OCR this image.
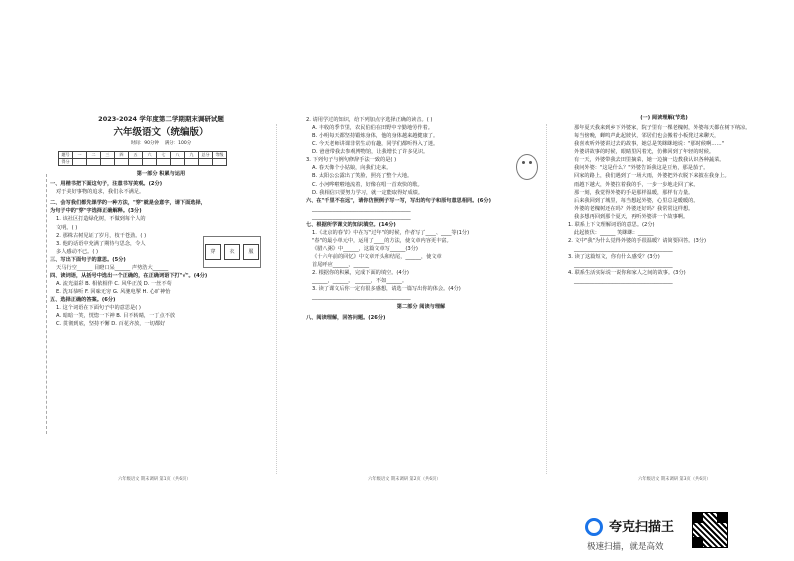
2023-2024 学年度第二学期期末调研试题
六年级语文（统编版）
时间：90分钟 满分：100分
题号	一	二	三	四	五	六	七	八	九	总分	等级
得分											
第一部分 积累与运用
一、用楷书把下面这句子，注意书写美观。(2分)
对于美好事物的追求，我们永不满足。
二、会写我们都先课学的一种方法，"穿"就是会意字，请下面选择，
为句子中的"穿"字选择正确解释。(3分)
1. 该社区打造绿化树，不做到每个人的
文明。( )
2. 那株古树见证了岁月，枝干苍劲。( )
3. 他的话语中充满了期待与思念，令人
多人感动不已。( )
三、写出下面句子的意思。(5分)
天马行空______ 目瞪口呆______ 声势浩大______
四、读词语，从括号中选出一个正确的，在正确词语下打"√"。(4分)
A. 流光溢彩 B. 相依相伴 C. 风华正茂 D. 一丝不苟
E. 洗耳恭听 F. 回味无穷 G. 风驰电掣 H. 心旷神怡
五、选择正确的答案。(6分)
1. 这个词语在下面句子中的意思是( )
A. 暗暗一笑，恍惚一下神 B. 目不转睛，一丁点不放
C. 贯彻到底，坚持不懈 D. 百花齐放，一切都好
穿	衣	服
2. 请用学过的知识，给下列加点字选择正确的读音。( )
A. 丰收的季节里，农民伯伯在田野中辛勤地劳作着。
B. 小明每天都坚持锻炼身体，他的身体越来越健康了。
C. 今天老师讲课非常生动有趣，同学们都听得入了迷。
D. 爸爸带我去参观博物馆，让我增长了许多见识。
3. 下列句子与例句修辞手法一致的是( )
A. 春天像个小姑娘，向我们走来。
B. 太阳公公露出了笑脸，照亮了整个大地。
C. 小河哗啦啦地流着，好像在唱一首欢快的歌。
D. 我相信只要努力学习，就一定能取得好成绩。
六、在"千里不在远"，请你仿照例子写一写，写出的句子和原句意思相同。(6分)
______________________________________
______________________________________
七、根据所学课文的知识填空。(14分)
1.《北京的春节》中在写"过年"的时候，作者写了____、____等(1分)
"春"的最小单元中，运用了____的方法，使文章内容更丰富。
《腊八粥》中______，这篇文章写______(3分)
《十六年前的回忆》中文章开头和结尾，______，使文章
首尾呼应______，______
2. 根据你的积累，完成下面的填空。(4分)
______，______。 ______，不如______。
3. 读了课文后你一定有很多感想，请选一篇写出你的体会。(4分)
______________________________________
第二部分 阅读与理解
八、阅读理解，回答问题。(26分)
(一) 阅读理解(节选)
那年夏天我来到乡下外婆家，院子里有一棵老槐树，外婆每天都在树下纳凉。
每当傍晚，蝉鸣声此起彼伏，邻居们也会搬着小板凳过来聊天，
我喜欢听外婆讲过去的故事，她总是笑眯眯地说："那时候啊……"
外婆讲故事的时候，眼睛里闪着光，仿佛回到了年轻的时候。
有一天，外婆带我去田里摘菜，她一边摘一边教我认识各种蔬菜。
我问外婆："这是什么？"外婆告诉我这是豆角，那是茄子。
回家的路上，我们遇到了一场大雨，外婆把外衣脱下来披在我身上。
雨越下越大，外婆拉着我的手，一步一步地走回了家。
那一刻，我觉得外婆的手是那样温暖，那样有力量。
后来我回到了城里，每当想起外婆，心里总是暖暖的。
外婆的老槐树还在吗？外婆还好吗？我常常这样想。
我多想再回到那个夏天，再听外婆讲一个故事啊。
1. 联系上下文理解词语的意思。(2分)
此起彼伏：______ 笑眯眯：______
2. 文中"我"为什么觉得外婆的手很温暖？请简要回答。(3分)
______________________________________
3. 读了这篇短文，你有什么感受？(3分)
______________________________________
4. 联系生活实际说一说你和家人之间的故事。(3分)
______________________________________
六年级语文 期末调研 第1页（共6页）	六年级语文 期末调研 第2页（共6页）	六年级语文 期末调研 第3页（共6页）
夸克扫描王
极速扫描，就是高效
